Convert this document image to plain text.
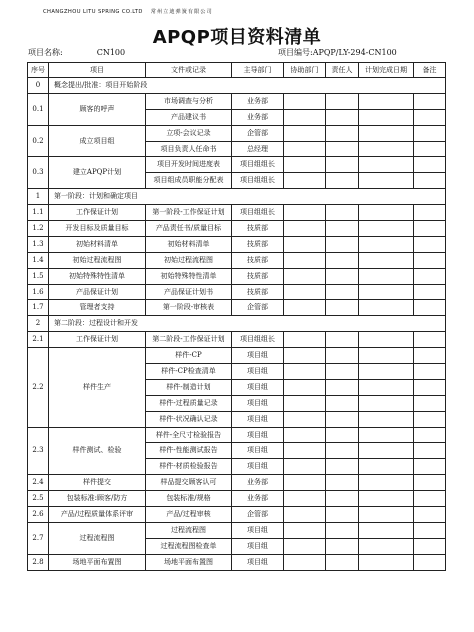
CHANGZHOU LITU SPRING CO.LTD 常州立迪弹簧有限公司
APQP项目资料清单
项目名称:	CN100	项目编号:APQP/LY-294-CN100
序号	项目	文件或记录	主导部门	协助部门	责任人	计划完成日期	备注
0	概念提出/批准：项目开始阶段						
0.1	顾客的呼声	市场调查与分析	业务部				
		产品建议书	业务部				
0.2	成立项目组	立项-会议记录	企管部				
		项目负责人任命书	总经理				
0.3	建立APQP计划	项目开发时间进度表	项目组组长				
		项目组成员职能分配表	项目组组长				
1	第一阶段：计划和确定项目						
1.1	工作保证计划	第一阶段-工作保证计划	项目组组长				
1.2	开发目标及质量目标	产品责任书/质量目标	技质部				
1.3	初始材料清单	初始材料清单	技质部				
1.4	初始过程流程图	初始过程流程图	技质部				
1.5	初始特殊特性清单	初始特殊特性清单	技质部				
1.6	产品保证计划	产品保证计划书	技质部				
1.7	管理者支持	第一阶段-审核表	企管部				
2	第二阶段：过程设计和开发						
2.1	工作保证计划	第二阶段-工作保证计划	项目组组长				
2.2	样件生产	样件-CP	项目组				
		样件-CP检查清单	项目组				
		样件-制造计划	项目组				
		样件-过程质量记录	项目组				
		样件-状况确认记录	项目组				
2.3	样件测试、检验	样件-全尺寸检验报告	项目组				
		样件-性能测试报告	项目组				
		样件-材质检验报告	项目组				
2.4	样件提交	样品提交顾客认可	业务部				
2.5	包装标准:顾客/防方	包装标准/规格	业务部				
2.6	产品/过程质量体系评审	产品/过程审核	企管部				
2.7	过程流程图	过程流程图	项目组				
		过程流程图检查单	项目组				
2.8	场地平面布置图	场地平面布置图	项目组				
